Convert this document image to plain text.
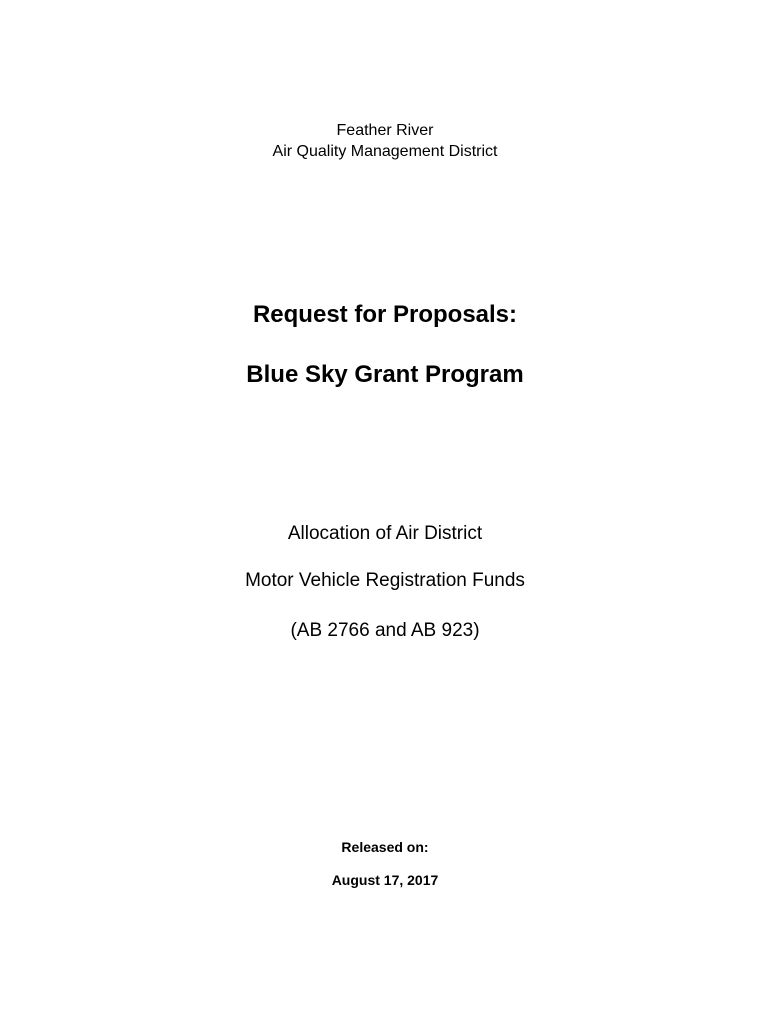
Feather River
Air Quality Management District
Request for Proposals:
Blue Sky Grant Program
Allocation of Air District
Motor Vehicle Registration Funds
(AB 2766 and AB 923)
Released on:
August 17, 2017
